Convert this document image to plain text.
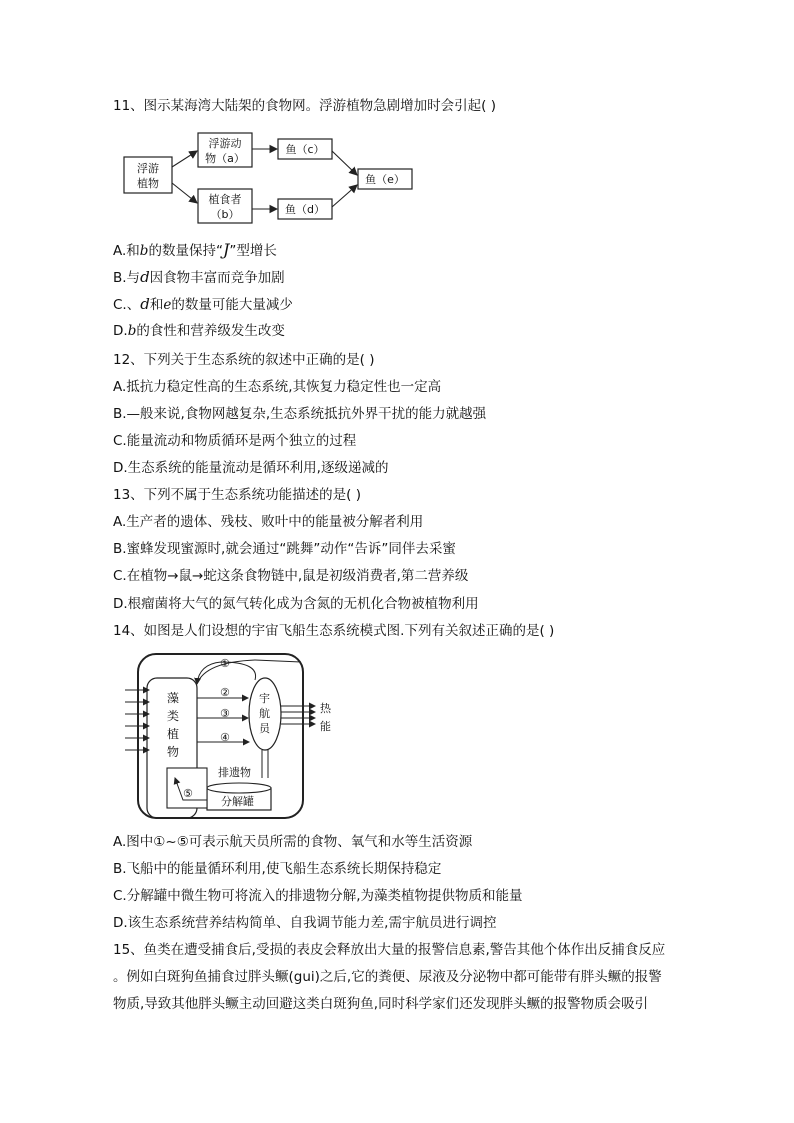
11、图示某海湾大陆架的食物网。浮游植物急剧增加时会引起( )
浮游
植物
浮游动
物（a）
植食者
（b）
鱼（c）
鱼（d）
鱼（e）
A.和b的数量保持“J”型增长
B.与d因食物丰富而竞争加剧
C.、d和e的数量可能大量减少
D.b的食性和营养级发生改变
12、下列关于生态系统的叙述中正确的是( )
A.抵抗力稳定性高的生态系统,其恢复力稳定性也一定高
B.—般来说,食物网越复杂,生态系统抵抗外界干扰的能力就越强
C.能量流动和物质循环是两个独立的过程
D.生态系统的能量流动是循环利用,逐级递减的
13、下列不属于生态系统功能描述的是( )
A.生产者的遗体、残枝、败叶中的能量被分解者利用
B.蜜蜂发现蜜源时,就会通过“跳舞”动作“告诉”同伴去采蜜
C.在植物→鼠→蛇这条食物链中,鼠是初级消费者,第二营养级
D.根瘤菌将大气的氮气转化成为含氮的无机化合物被植物利用
14、如图是人们设想的宇宙飞船生态系统模式图.下列有关叙述正确的是( )
藻
类
植
物
①
宇
航
员
②
③
④
热
能
排遗物
分解罐
⑤
A.图中①~⑤可表示航天员所需的食物、氧气和水等生活资源
B.飞船中的能量循环利用,使飞船生态系统长期保持稳定
C.分解罐中微生物可将流入的排遗物分解,为藻类植物提供物质和能量
D.该生态系统营养结构简单、自我调节能力差,需宇航员进行调控
15、鱼类在遭受捕食后,受损的表皮会释放出大量的报警信息素,警告其他个体作出反捕食反应
。例如白斑狗鱼捕食过胖头鳜(gui)之后,它的粪便、尿液及分泌物中都可能带有胖头鳜的报警
物质,导致其他胖头鳜主动回避这类白斑狗鱼,同时科学家们还发现胖头鳜的报警物质会吸引
